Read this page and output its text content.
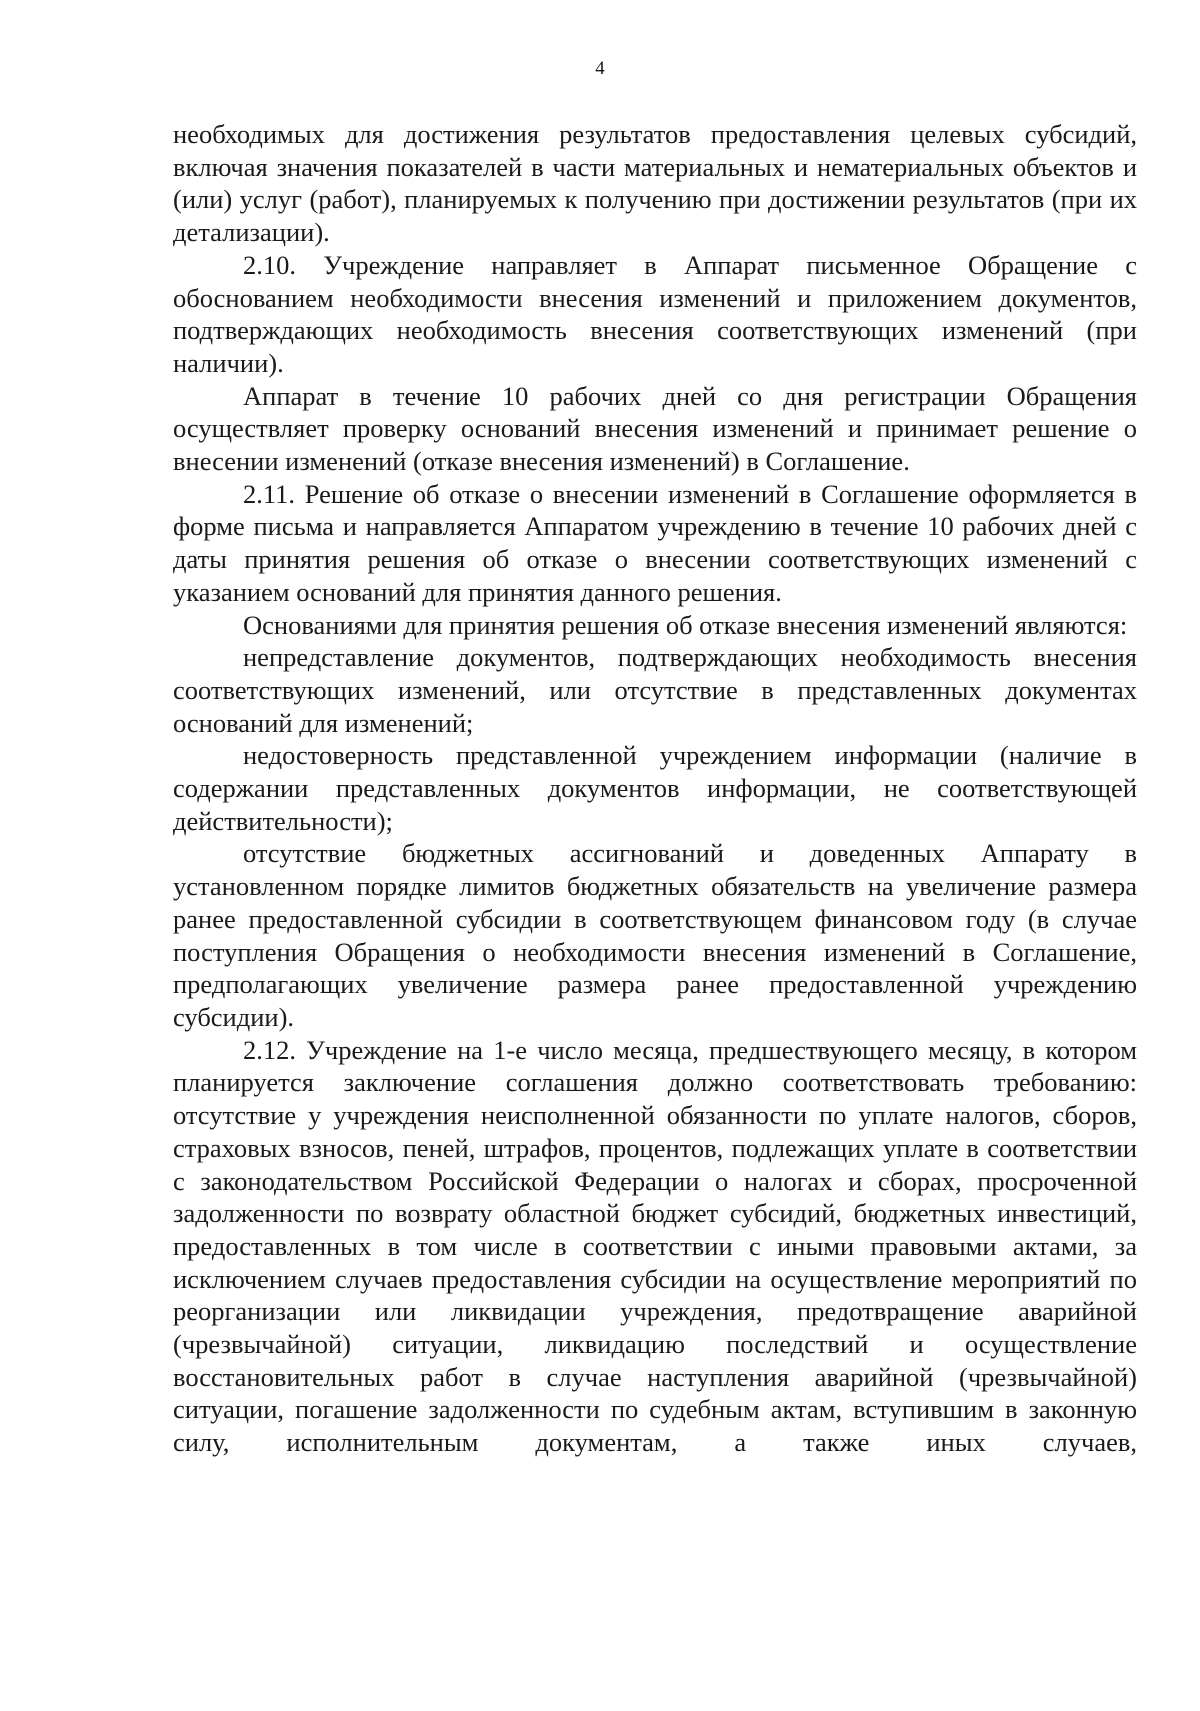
4

необходимых для достижения результатов предоставления целевых субсидий, включая значения показателей в части материальных и нематериальных объектов и (или) услуг (работ), планируемых к получению при достижении результатов (при их детализации).

2.10. Учреждение направляет в Аппарат письменное Обращение с обоснованием необходимости внесения изменений и приложением документов, подтверждающих необходимость внесения соответствующих изменений (при наличии).

Аппарат в течение 10 рабочих дней со дня регистрации Обращения осуществляет проверку оснований внесения изменений и принимает решение о внесении изменений (отказе внесения изменений) в Соглашение.

2.11. Решение об отказе о внесении изменений в Соглашение оформляется в форме письма и направляется Аппаратом учреждению в течение 10 рабочих дней с даты принятия решения об отказе о внесении соответствующих изменений с указанием оснований для принятия данного решения.

Основаниями для принятия решения об отказе внесения изменений являются:

непредставление документов, подтверждающих необходимость внесения соответствующих изменений, или отсутствие в представленных документах оснований для изменений;

недостоверность представленной учреждением информации (наличие в содержании представленных документов информации, не соответствующей действительности);

отсутствие бюджетных ассигнований и доведенных Аппарату в установленном порядке лимитов бюджетных обязательств на увеличение размера ранее предоставленной субсидии в соответствующем финансовом году (в случае поступления Обращения о необходимости внесения изменений в Соглашение, предполагающих увеличение размера ранее предоставленной учреждению субсидии).

2.12. Учреждение на 1-е число месяца, предшествующего месяцу, в котором планируется заключение соглашения должно соответствовать требованию: отсутствие у учреждения неисполненной обязанности по уплате налогов, сборов, страховых взносов, пеней, штрафов, процентов, подлежащих уплате в соответствии с законодательством Российской Федерации о налогах и сборах, просроченной задолженности по возврату областной бюджет субсидий, бюджетных инвестиций, предоставленных в том числе в соответствии с иными правовыми актами, за исключением случаев предоставления субсидии на осуществление мероприятий по реорганизации или ликвидации учреждения, предотвращение аварийной (чрезвычайной) ситуации, ликвидацию последствий и осуществление восстановительных работ в случае наступления аварийной (чрезвычайной) ситуации, погашение задолженности по судебным актам, вступившим в законную силу, исполнительным документам, а также иных случаев,
